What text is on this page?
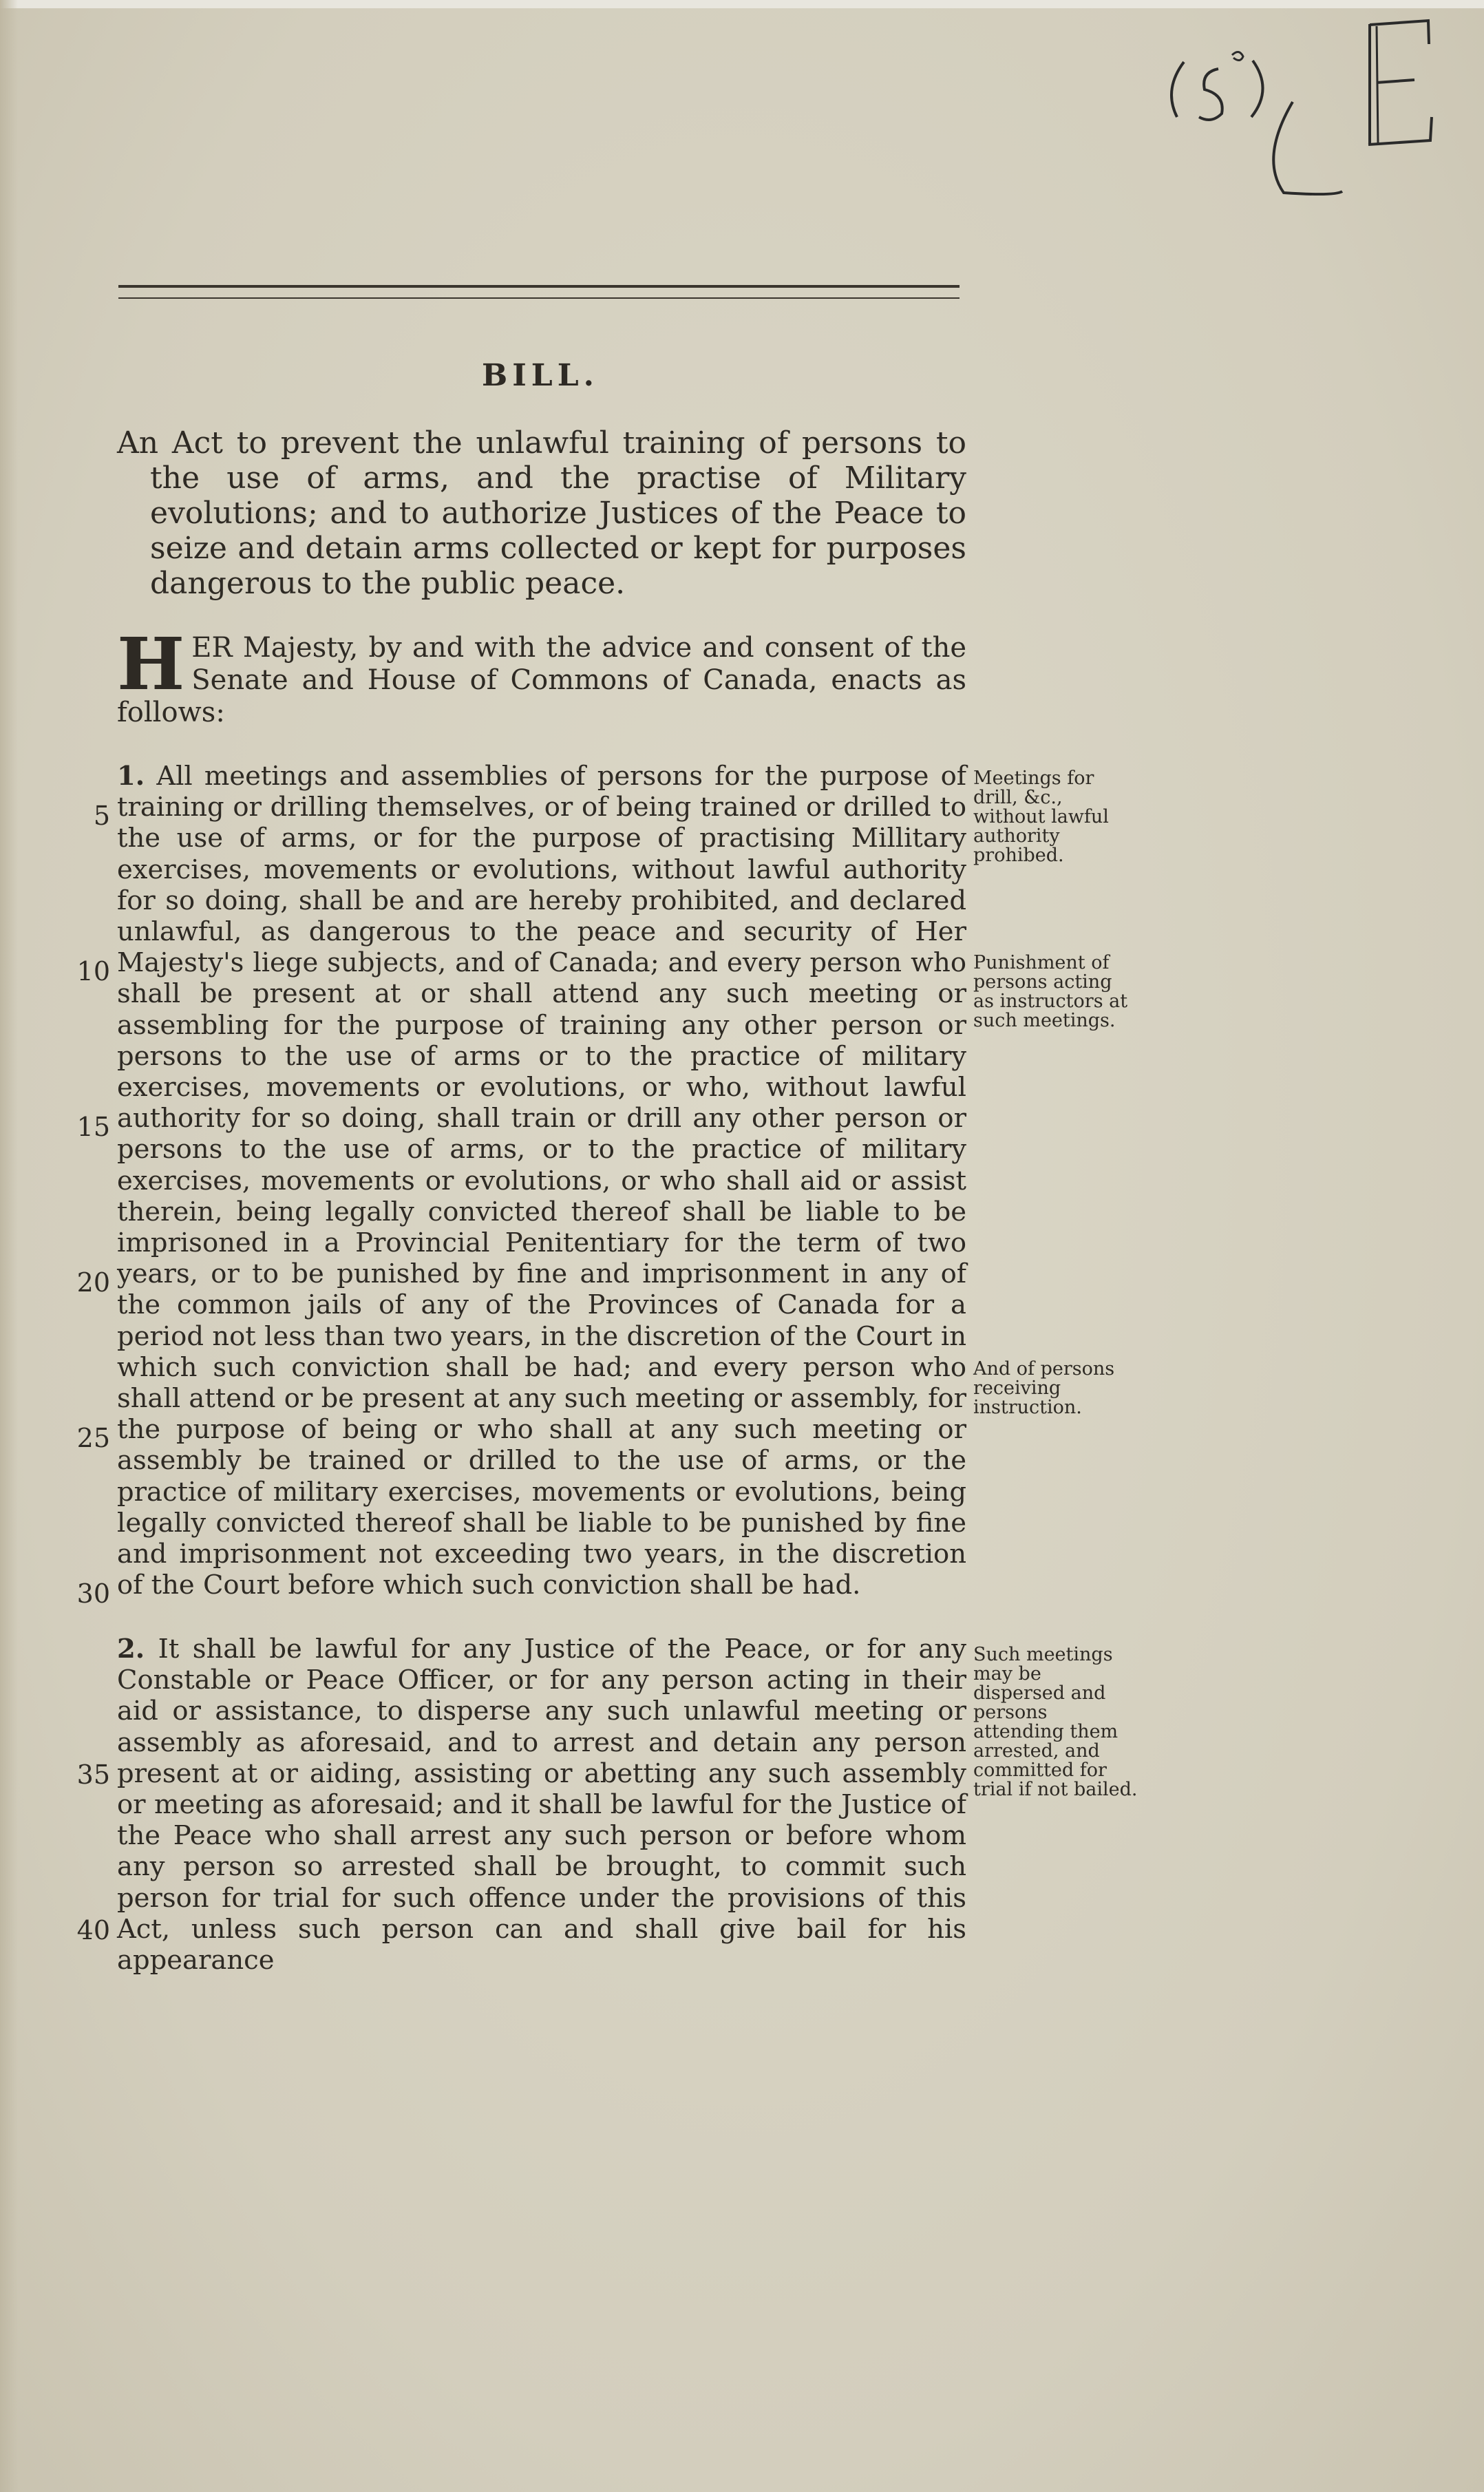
BILL.
An Act to prevent the unlawful training of persons to the use of arms, and the practise of Military evolutions; and to authorize Justices of the Peace to seize and detain arms collected or kept for purposes dangerous to the public peace.
H ER Majesty, by and with the advice and consent of the Senate and House of Commons of Canada, enacts as follows:
1. All meetings and assemblies of persons for the purpose of training or drilling themselves, or of being trained or drilled to the use of arms, or for the purpose of practising Millitary exercises, movements or evolutions, without lawful authority for so doing, shall be and are hereby prohibited, and declared unlawful, as dangerous to the peace and security of Her Majesty's liege subjects, and of Canada; and every person who shall be present at or shall attend any such meeting or assembling for the purpose of training any other person or persons to the use of arms or to the practice of military exercises, movements or evolutions, or who, without lawful authority for so doing, shall train or drill any other person or persons to the use of arms, or to the practice of military exercises, movements or evolutions, or who shall aid or assist therein, being legally convicted thereof shall be liable to be imprisoned in a Provincial Penitentiary for the term of two years, or to be punished by fine and imprisonment in any of the common jails of any of the Provinces of Canada for a period not less than two years, in the discretion of the Court in which such conviction shall be had; and every person who shall attend or be present at any such meeting or assembly, for the purpose of being or who shall at any such meeting or assembly be trained or drilled to the use of arms, or the practice of military exercises, movements or evolutions, being legally convicted thereof shall be liable to be punished by fine and imprisonment not exceeding two years, in the discretion of the Court before which such conviction shall be had.
2. It shall be lawful for any Justice of the Peace, or for any Constable or Peace Officer, or for any person acting in their aid or assistance, to disperse any such unlawful meeting or assembly as aforesaid, and to arrest and detain any person present at or aiding, assisting or abetting any such assembly or meeting as aforesaid; and it shall be lawful for the Justice of the Peace who shall arrest any such person or before whom any person so arrested shall be brought, to commit such person for trial for such offence under the provisions of this Act, unless such person can and shall give bail for his appearance
5
10
15
20
25
30
35
40
Meetings for drill, &c., without lawful authority prohibed.
Punishment of persons acting as instructors at such meetings.
And of persons receiving instruction.
Such meetings may be dispersed and persons attending them arrested, and committed for trial if not bailed.
